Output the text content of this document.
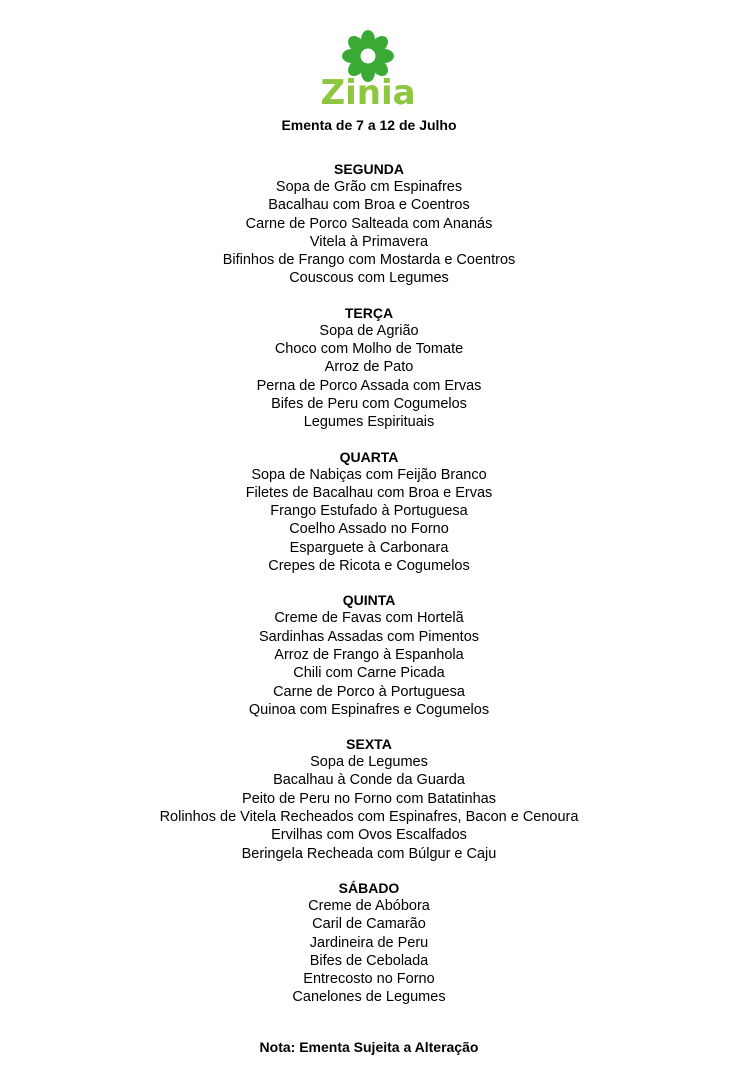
Zinia
Ementa de 7 a 12 de Julho
SEGUNDA
Sopa de Grão cm Espinafres
Bacalhau com Broa e Coentros
Carne de Porco Salteada com Ananás
Vitela à Primavera
Bifinhos de Frango com Mostarda e Coentros
Couscous com Legumes
TERÇA
Sopa de Agrião
Choco com Molho de Tomate
Arroz de Pato
Perna de Porco Assada com Ervas
Bifes de Peru com Cogumelos
Legumes Espirituais
QUARTA
Sopa de Nabiças com Feijão Branco
Filetes de Bacalhau com Broa e Ervas
Frango Estufado à Portuguesa
Coelho Assado no Forno
Esparguete à Carbonara
Crepes de Ricota e Cogumelos
QUINTA
Creme de Favas com Hortelã
Sardinhas Assadas com Pimentos
Arroz de Frango à Espanhola
Chili com Carne Picada
Carne de Porco à Portuguesa
Quinoa com Espinafres e Cogumelos
SEXTA
Sopa de Legumes
Bacalhau à Conde da Guarda
Peito de Peru no Forno com Batatinhas
Rolinhos de Vitela Recheados com Espinafres, Bacon e Cenoura
Ervilhas com Ovos Escalfados
Beringela Recheada com Búlgur e Caju
SÁBADO
Creme de Abóbora
Caril de Camarão
Jardineira de Peru
Bifes de Cebolada
Entrecosto no Forno
Canelones de Legumes
Nota: Ementa Sujeita a Alteração
